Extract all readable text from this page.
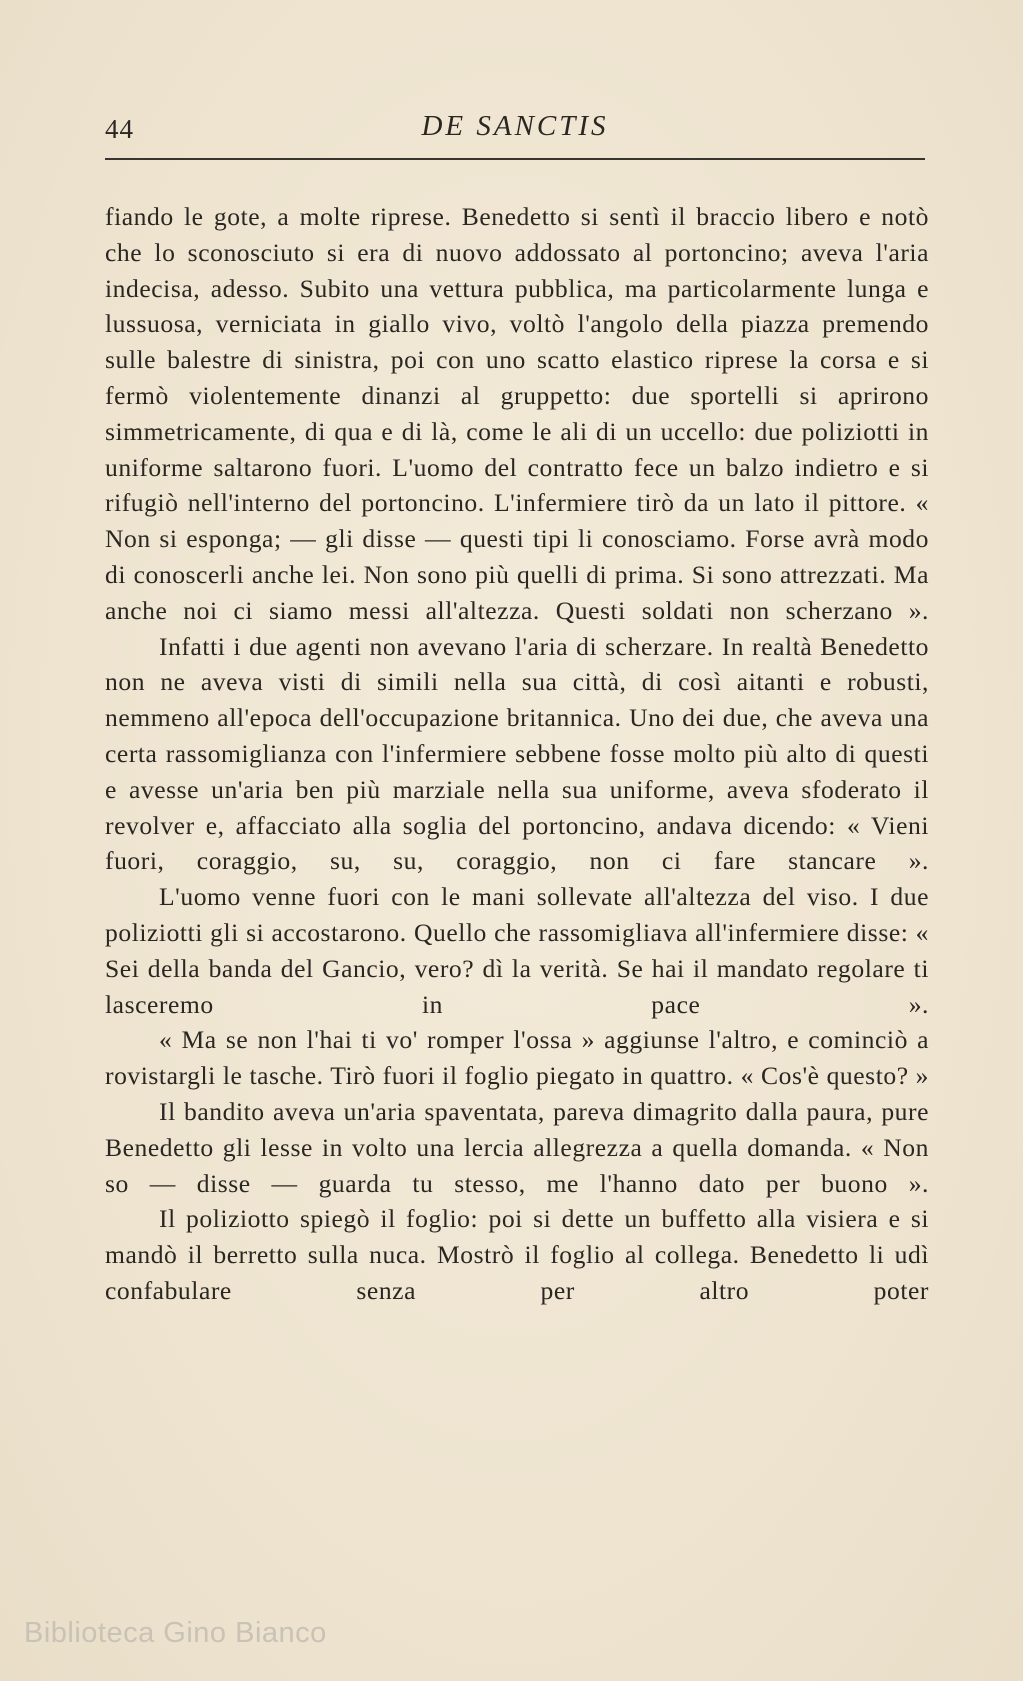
44	DE SANCTIS

fiando le gote, a molte riprese. Benedetto si sentì il braccio libero e notò che lo sconosciuto si era di nuovo addossato al portoncino; aveva l'aria indecisa, adesso. Subito una vettura pubblica, ma particolarmente lunga e lussuosa, verniciata in giallo vivo, voltò l'angolo della piazza premendo sulle balestre di sinistra, poi con uno scatto elastico riprese la corsa e si fermò violentemente dinanzi al gruppetto: due sportelli si aprirono simmetricamente, di qua e di là, come le ali di un uccello: due poliziotti in uniforme saltarono fuori. L'uomo del contratto fece un balzo indietro e si rifugiò nell'interno del portoncino. L'infermiere tirò da un lato il pittore. « Non si esponga; — gli disse — questi tipi li conosciamo. Forse avrà modo di conoscerli anche lei. Non sono più quelli di prima. Si sono attrezzati. Ma anche noi ci siamo messi all'altezza. Questi soldati non scherzano ».

Infatti i due agenti non avevano l'aria di scherzare. In realtà Benedetto non ne aveva visti di simili nella sua città, di così aitanti e robusti, nemmeno all'epoca dell'occupazione britannica. Uno dei due, che aveva una certa rassomiglianza con l'infermiere sebbene fosse molto più alto di questi e avesse un'aria ben più marziale nella sua uniforme, aveva sfoderato il revolver e, affacciato alla soglia del portoncino, andava dicendo: « Vieni fuori, coraggio, su, su, coraggio, non ci fare stancare ».

L'uomo venne fuori con le mani sollevate all'altezza del viso. I due poliziotti gli si accostarono. Quello che rassomigliava all'infermiere disse: « Sei della banda del Gancio, vero? dì la verità. Se hai il mandato regolare ti lasceremo in pace ».

« Ma se non l'hai ti vo' romper l'ossa » aggiunse l'altro, e cominciò a rovistargli le tasche. Tirò fuori il foglio piegato in quattro. « Cos'è questo? »

Il bandito aveva un'aria spaventata, pareva dimagrito dalla paura, pure Benedetto gli lesse in volto una lercia allegrezza a quella domanda. « Non so — disse — guarda tu stesso, me l'hanno dato per buono ».

Il poliziotto spiegò il foglio: poi si dette un buffetto alla visiera e si mandò il berretto sulla nuca. Mostrò il foglio al collega. Benedetto li udì confabulare senza per altro poter

Biblioteca Gino Bianco
